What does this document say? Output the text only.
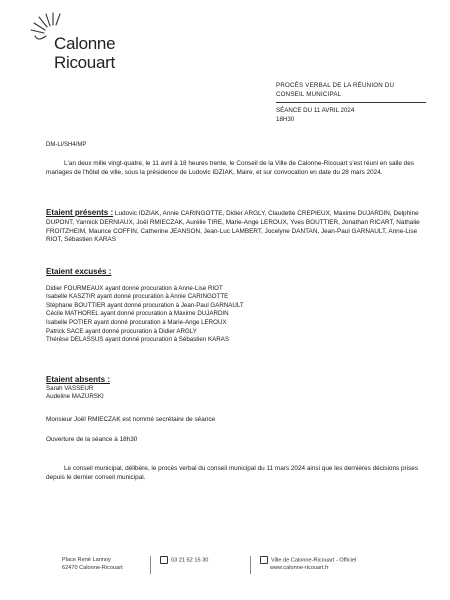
Calonne
Ricouart
PROCÈS VERBAL DE LA RÉUNION DU
CONSEIL MUNICIPAL
SÉANCE DU 11 AVRIL 2024
18H30
DM-LI/SH4/MP
L'an deux mille vingt-quatre, le 11 avril à 18 heures trente, le Conseil de la Ville de Calonne-Ricouart s'est réuni en salle des mariages de l'hôtel de ville, sous la présidence de Ludovic IDZIAK, Maire, et sur convocation en date du 28 mars 2024.
Etaient présents : Ludovic IDZIAK, Annie CARINGOTTE, Didier ARGLY, Claudette CREPIEUX, Maxime DUJARDIN, Delphine DUPONT, Yannick DERNIAUX, Joël RMIECZAK, Aurélie TIRE, Marie-Ange LEROUX, Yves BOUTTIER, Jonathan RICART, Nathalie FROITZHEIM, Maurice COFFIN, Catherine JEANSON, Jean-Luc LAMBERT, Jocelyne DANTAN, Jean-Paul GARNAULT, Anne-Lise RIOT, Sébastien KARAS
Etaient excusés :
Didier FOURMEAUX ayant donné procuration à Anne-Lise RIOT
Isabelle KASZTIR ayant donné procuration à Annie CARINGOTTE
Stéphane BOUTTIER ayant donné procuration à Jean-Paul GARNAULT
Cécile MATHOREL ayant donné procuration à Maxime DUJARDIN
Isabelle POTIER ayant donné procuration à Marie-Ange LEROUX
Patrick SACE ayant donné procuration à Didier ARGLY
Thérèse DELASSUS ayant donné procuration à Sébastien KARAS
Etaient absents :
Sarah VASSEUR
Audeline MAZURSKI
Monsieur Joël RMIECZAK est nommé secrétaire de séance
Ouverture de la séance à 18h30
Le conseil municipal, délibère, le procès verbal du conseil municipal du 11 mars 2024 ainsi que les dernières décisions prises depuis le dernier conseil municipal.
Place René Lannoy
62470 Calonne-Ricouart
03 21 52 15 30	Ville de Calonne-Ricouart - Officiel
www.calonne-ricouart.fr
